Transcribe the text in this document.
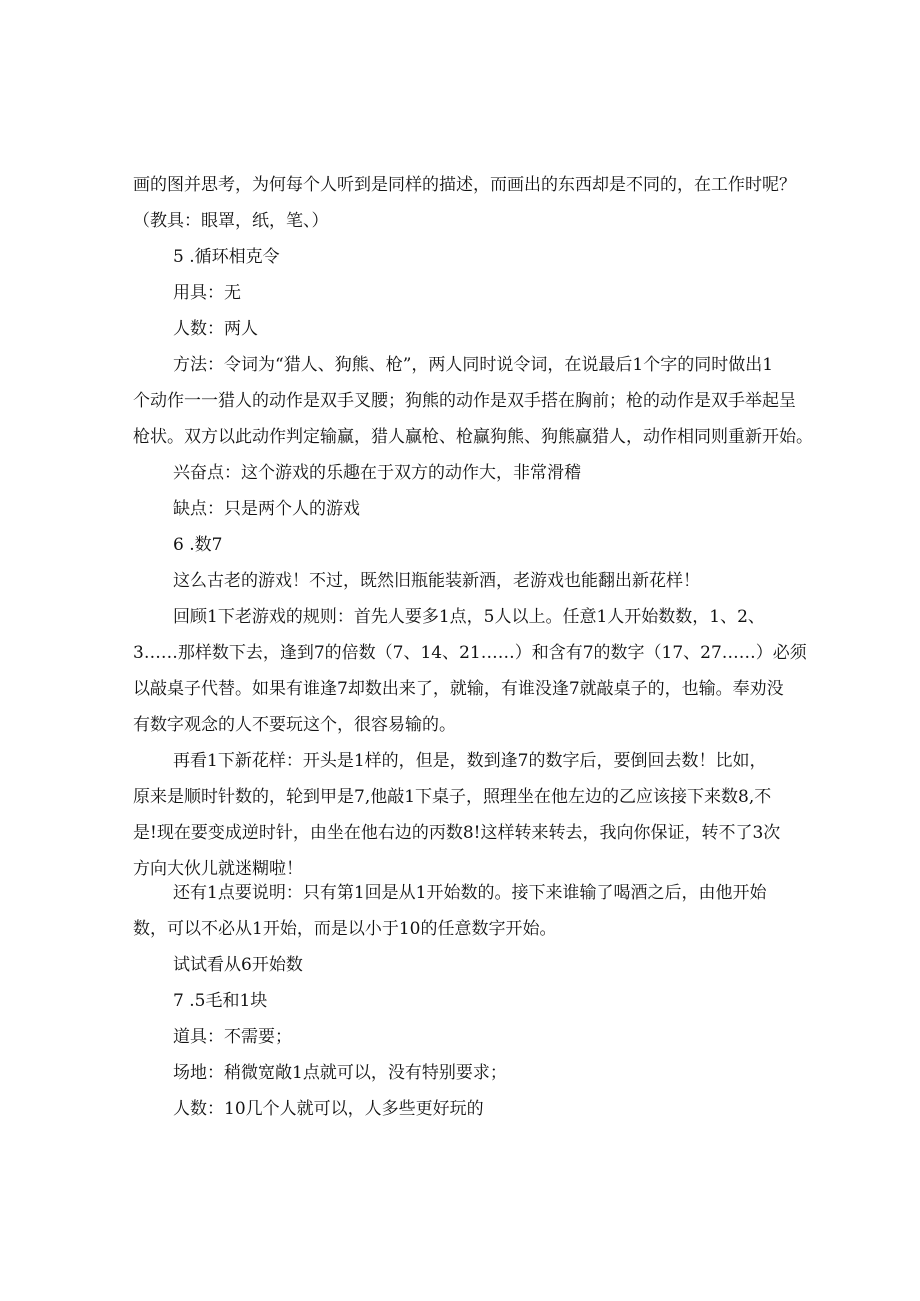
画的图并思考，为何每个人听到是同样的描述，而画出的东西却是不同的，在工作时呢？
（教具：眼罩，纸，笔、）

5 .循环相克令

用具：无

人数：两人

方法：令词为“猎人、狗熊、枪”，两人同时说令词，在说最后1个字的同时做出1
个动作一一猎人的动作是双手叉腰；狗熊的动作是双手搭在胸前；枪的动作是双手举起呈
枪状。双方以此动作判定输赢，猎人赢枪、枪赢狗熊、狗熊赢猎人，动作相同则重新开始。

兴奋点：这个游戏的乐趣在于双方的动作大，非常滑稽

缺点：只是两个人的游戏

6 .数7

这么古老的游戏！不过，既然旧瓶能装新酒，老游戏也能翻出新花样！

回顾1下老游戏的规则：首先人要多1点，5人以上。任意1人开始数数，1、2、
3……那样数下去，逢到7的倍数（7、14、21……）和含有7的数字（17、27……）必须
以敲桌子代替。如果有谁逢7却数出来了，就输，有谁没逢7就敲桌子的，也输。奉劝没
有数字观念的人不要玩这个，很容易输的。

再看1下新花样：开头是1样的，但是，数到逢7的数字后，要倒回去数！比如，
原来是顺时针数的，轮到甲是7,他敲1下桌子，照理坐在他左边的乙应该接下来数8,不
是!现在要变成逆时针，由坐在他右边的丙数8!这样转来转去，我向你保证，转不了3次
方向大伙儿就迷糊啦！

还有1点要说明：只有第1回是从1开始数的。接下来谁输了喝酒之后，由他开始
数，可以不必从1开始，而是以小于10的任意数字开始。

试试看从6开始数

7 .5毛和1块

道具：不需要；

场地：稍微宽敞1点就可以，没有特别要求；

人数：10几个人就可以，人多些更好玩的
